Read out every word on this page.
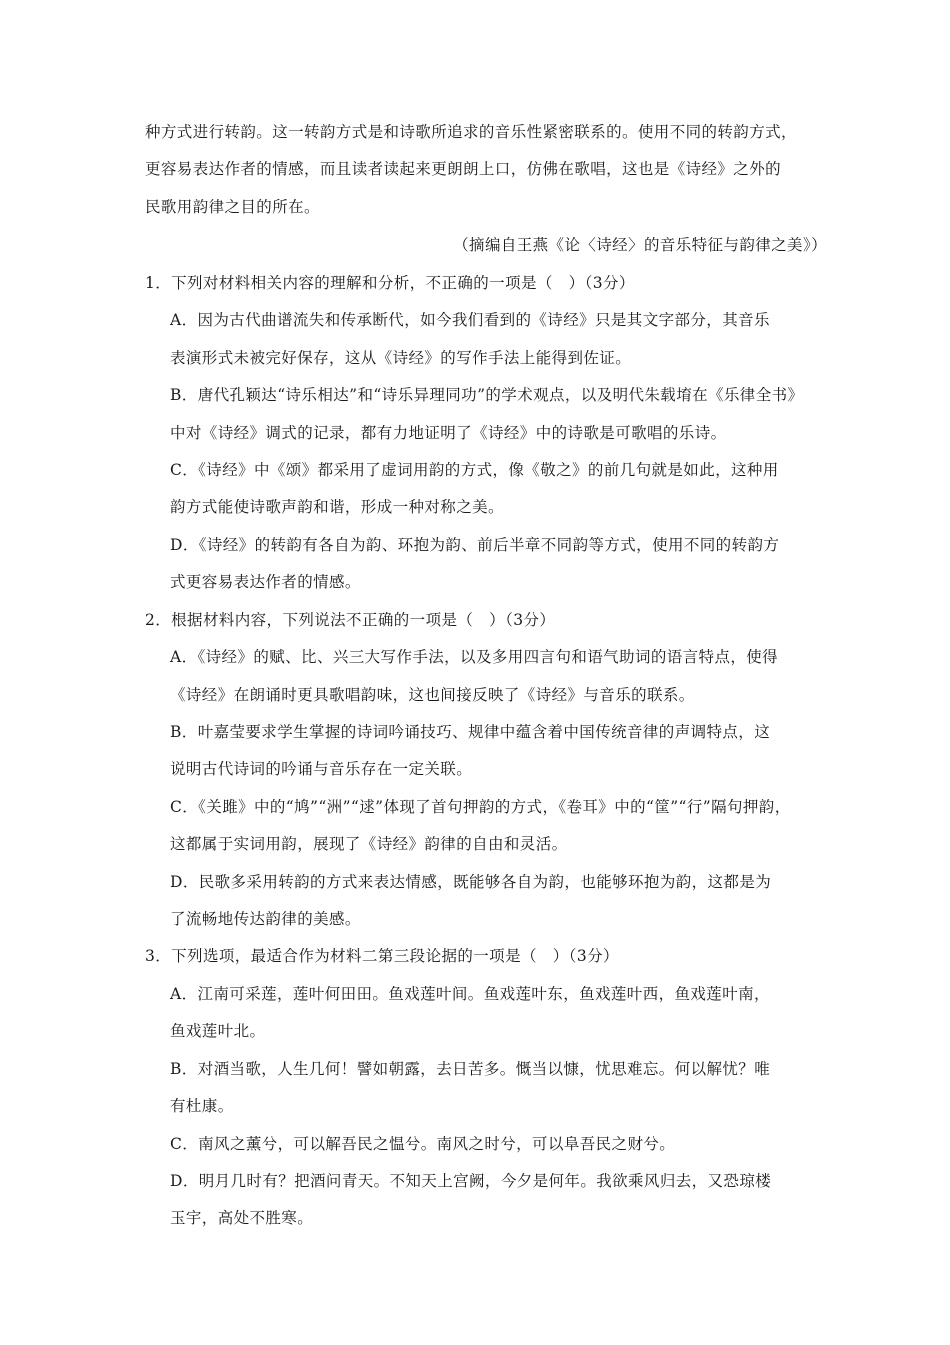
种方式进行转韵。这一转韵方式是和诗歌所追求的音乐性紧密联系的。使用不同的转韵方式，
更容易表达作者的情感，而且读者读起来更朗朗上口，仿佛在歌唱，这也是《诗经》之外的
民歌用韵律之目的所在。
（摘编自王燕《论〈诗经〉的音乐特征与韵律之美》）
1．下列对材料相关内容的理解和分析，不正确的一项是（　）（3分）
A．因为古代曲谱流失和传承断代，如今我们看到的《诗经》只是其文字部分，其音乐
表演形式未被完好保存，这从《诗经》的写作手法上能得到佐证。
B．唐代孔颖达“诗乐相达”和“诗乐异理同功”的学术观点，以及明代朱载堉在《乐律全书》
中对《诗经》调式的记录，都有力地证明了《诗经》中的诗歌是可歌唱的乐诗。
C．《诗经》中《颂》都采用了虚词用韵的方式，像《敬之》的前几句就是如此，这种用
韵方式能使诗歌声韵和谐，形成一种对称之美。
D．《诗经》的转韵有各自为韵、环抱为韵、前后半章不同韵等方式，使用不同的转韵方
式更容易表达作者的情感。
2．根据材料内容，下列说法不正确的一项是（　）（3分）
A．《诗经》的赋、比、兴三大写作手法，以及多用四言句和语气助词的语言特点，使得
《诗经》在朗诵时更具歌唱韵味，这也间接反映了《诗经》与音乐的联系。
B．叶嘉莹要求学生掌握的诗词吟诵技巧、规律中蕴含着中国传统音律的声调特点，这
说明古代诗词的吟诵与音乐存在一定关联。
C．《关雎》中的“鸠”“洲”“逑”体现了首句押韵的方式，《卷耳》中的“筐”“行”隔句押韵，
这都属于实词用韵，展现了《诗经》韵律的自由和灵活。
D．民歌多采用转韵的方式来表达情感，既能够各自为韵，也能够环抱为韵，这都是为
了流畅地传达韵律的美感。
3．下列选项，最适合作为材料二第三段论据的一项是（　）（3分）
A．江南可采莲，莲叶何田田。鱼戏莲叶间。鱼戏莲叶东，鱼戏莲叶西，鱼戏莲叶南，
鱼戏莲叶北。
B．对酒当歌，人生几何！譬如朝露，去日苦多。慨当以慷，忧思难忘。何以解忧？唯
有杜康。
C．南风之薰兮，可以解吾民之愠兮。南风之时兮，可以阜吾民之财兮。
D．明月几时有？把酒问青天。不知天上宫阙，今夕是何年。我欲乘风归去，又恐琼楼
玉宇，高处不胜寒。
